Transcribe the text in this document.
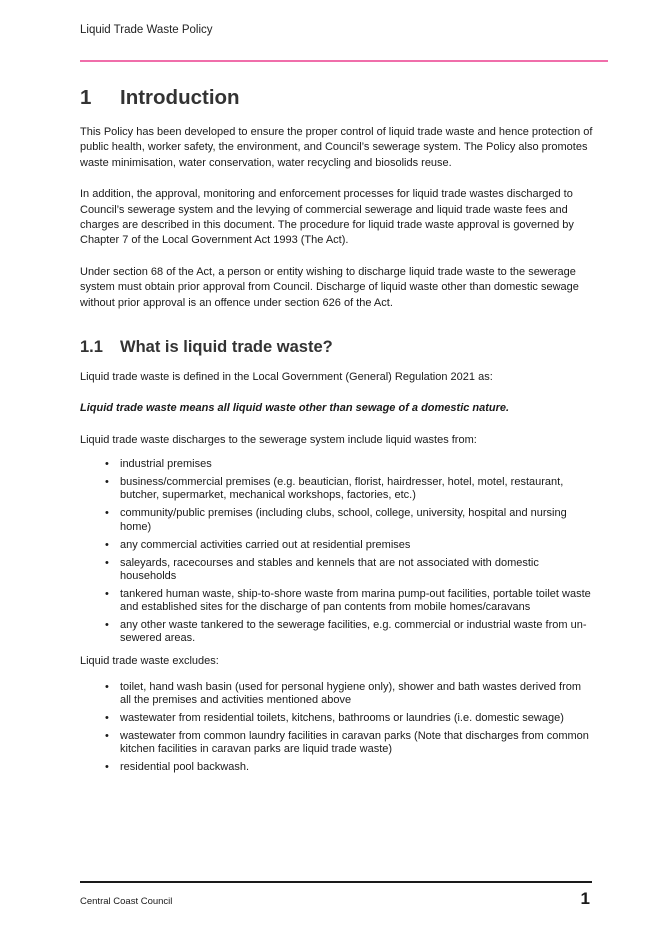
Liquid Trade Waste Policy
1	Introduction

This Policy has been developed to ensure the proper control of liquid trade waste and hence protection of public health, worker safety, the environment, and Council’s sewerage system. The Policy also promotes waste minimisation, water conservation, water recycling and biosolids reuse.

In addition, the approval, monitoring and enforcement processes for liquid trade wastes discharged to Council’s sewerage system and the levying of commercial sewerage and liquid trade waste fees and charges are described in this document. The procedure for liquid trade waste approval is governed by Chapter 7 of the Local Government Act 1993 (The Act).

Under section 68 of the Act, a person or entity wishing to discharge liquid trade waste to the sewerage system must obtain prior approval from Council. Discharge of liquid waste other than domestic sewage without prior approval is an offence under section 626 of the Act.

1.1	What is liquid trade waste?

Liquid trade waste is defined in the Local Government (General) Regulation 2021 as:

Liquid trade waste means all liquid waste other than sewage of a domestic nature.

Liquid trade waste discharges to the sewerage system include liquid wastes from:

• industrial premises
• business/commercial premises (e.g. beautician, florist, hairdresser, hotel, motel, restaurant, butcher, supermarket, mechanical workshops, factories, etc.)
• community/public premises (including clubs, school, college, university, hospital and nursing home)
• any commercial activities carried out at residential premises
• saleyards, racecourses and stables and kennels that are not associated with domestic households
• tankered human waste, ship-to-shore waste from marina pump-out facilities, portable toilet waste and established sites for the discharge of pan contents from mobile homes/caravans
• any other waste tankered to the sewerage facilities, e.g. commercial or industrial waste from un-sewered areas.

Liquid trade waste excludes:

• toilet, hand wash basin (used for personal hygiene only), shower and bath wastes derived from all the premises and activities mentioned above
• wastewater from residential toilets, kitchens, bathrooms or laundries (i.e. domestic sewage)
• wastewater from common laundry facilities in caravan parks (Note that discharges from common kitchen facilities in caravan parks are liquid trade waste)
• residential pool backwash.
Central Coast Council	1
